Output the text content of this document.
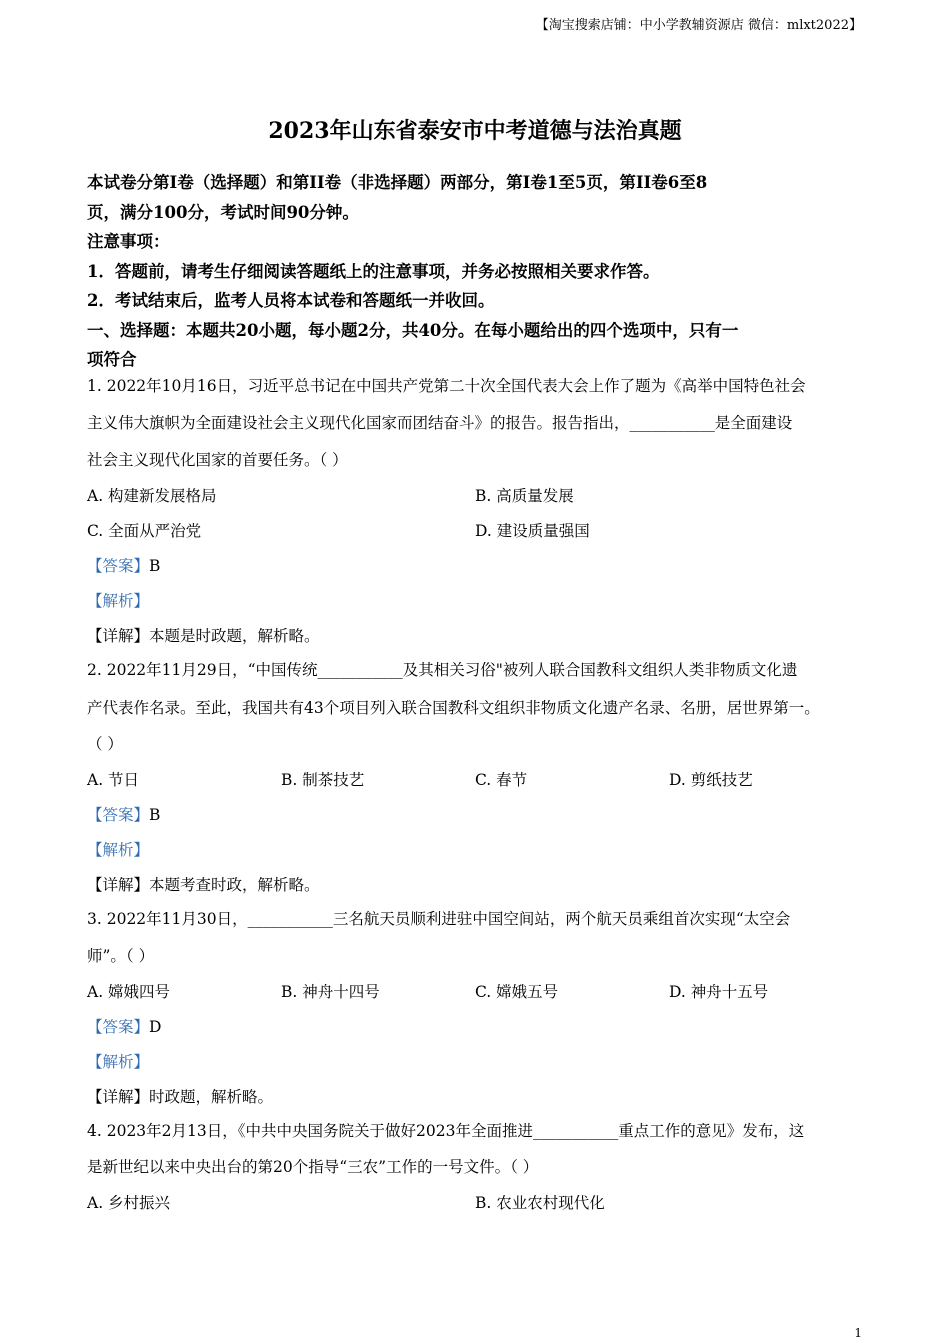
【淘宝搜索店铺：中小学教辅资源店 微信：mlxt2022】
2023年山东省泰安市中考道德与法治真题

本试卷分第Ⅰ卷（选择题）和第II卷（非选择题）两部分，第I卷1至5页，第II卷6至8

页，满分100分，考试时间90分钟。

注意事项：

1．答题前，请考生仔细阅读答题纸上的注意事项，并务必按照相关要求作答。

2．考试结束后，监考人员将本试卷和答题纸一并收回。

一、选择题：本题共20小题，每小题2分，共40分。在每小题给出的四个选项中，只有一

项符合

1. 2022年10月16日，习近平总书记在中国共产党第二十次全国代表大会上作了题为《高举中国特色社会
主义伟大旗帜为全面建设社会主义现代化国家而团结奋斗》的报告。报告指出，___________是全面建设
社会主义现代化国家的首要任务。（ ）
A. 构建新发展格局	B. 高质量发展
C. 全面从严治党	D. 建设质量强国
【答案】B
【解析】
【详解】本题是时政题，解析略。
2. 2022年11月29日，“中国传统___________及其相关习俗"被列人联合国教科文组织人类非物质文化遗
产代表作名录。至此，我国共有43个项目列入联合国教科文组织非物质文化遗产名录、名册，居世界第一。
（ ）
A. 节日	B. 制茶技艺	C. 春节	D. 剪纸技艺
【答案】B
【解析】
【详解】本题考查时政，解析略。
3. 2022年11月30日，___________三名航天员顺利进驻中国空间站，两个航天员乘组首次实现“太空会
师”。（ ）
A. 嫦娥四号	B. 神舟十四号	C. 嫦娥五号	D. 神舟十五号
【答案】D
【解析】
【详解】时政题，解析略。
4. 2023年2月13日，《中共中央国务院关于做好2023年全面推进___________重点工作的意见》发布，这
是新世纪以来中央出台的第20个指导“三农”工作的一号文件。（ ）
A. 乡村振兴	B. 农业农村现代化
1
